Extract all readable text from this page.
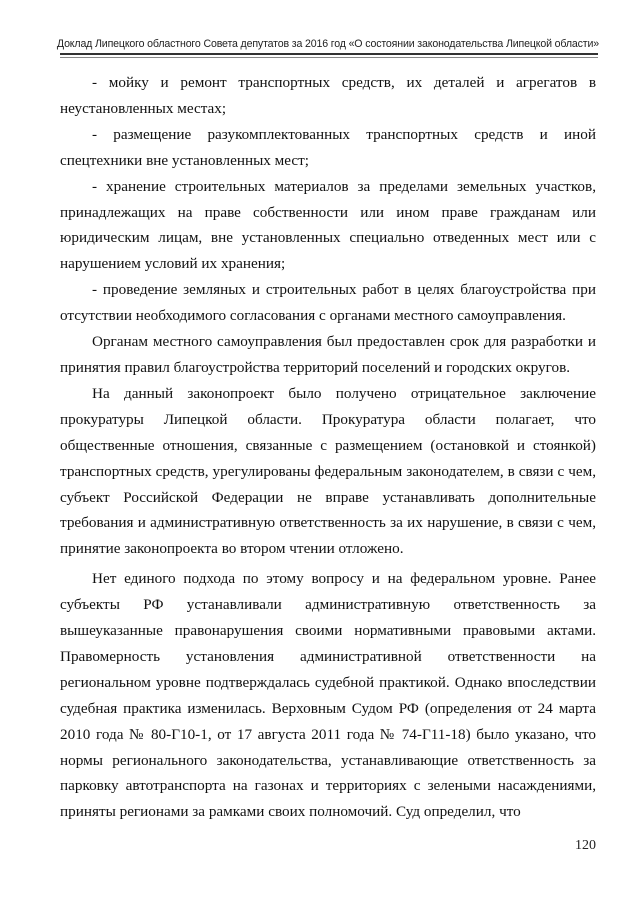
Доклад Липецкого областного Совета депутатов за 2016 год «О состоянии законодательства Липецкой области»

- мойку и ремонт транспортных средств, их деталей и агрегатов в неустановленных местах;

- размещение разукомплектованных транспортных средств и иной спецтехники вне установленных мест;

- хранение строительных материалов за пределами земельных участков, принадлежащих на праве собственности или ином праве гражданам или юридическим лицам, вне установленных специально отведенных мест или с нарушением условий их хранения;

- проведение земляных и строительных работ в целях благоустройства при отсутствии необходимого согласования с органами местного самоуправления.

Органам местного самоуправления был предоставлен срок для разработки и принятия правил благоустройства территорий поселений и городских округов.

На данный законопроект было получено отрицательное заключение прокуратуры Липецкой области. Прокуратура области полагает, что общественные отношения, связанные с размещением (остановкой и стоянкой) транспортных средств, урегулированы федеральным законодателем, в связи с чем, субъект Российской Федерации не вправе устанавливать дополнительные требования и административную ответственность за их нарушение, в связи с чем, принятие законопроекта во втором чтении отложено.

Нет единого подхода по этому вопросу и на федеральном уровне. Ранее субъекты РФ устанавливали административную ответственность за вышеуказанные правонарушения своими нормативными правовыми актами. Правомерность установления административной ответственности на региональном уровне подтверждалась судебной практикой. Однако впоследствии судебная практика изменилась. Верховным Судом РФ (определения от 24 марта 2010 года № 80-Г10-1, от 17 августа 2011 года № 74-Г11-18) было указано, что нормы регионального законодательства, устанавливающие ответственность за парковку автотранспорта на газонах и территориях с зелеными насаждениями, приняты регионами за рамками своих полномочий. Суд определил, что

120
